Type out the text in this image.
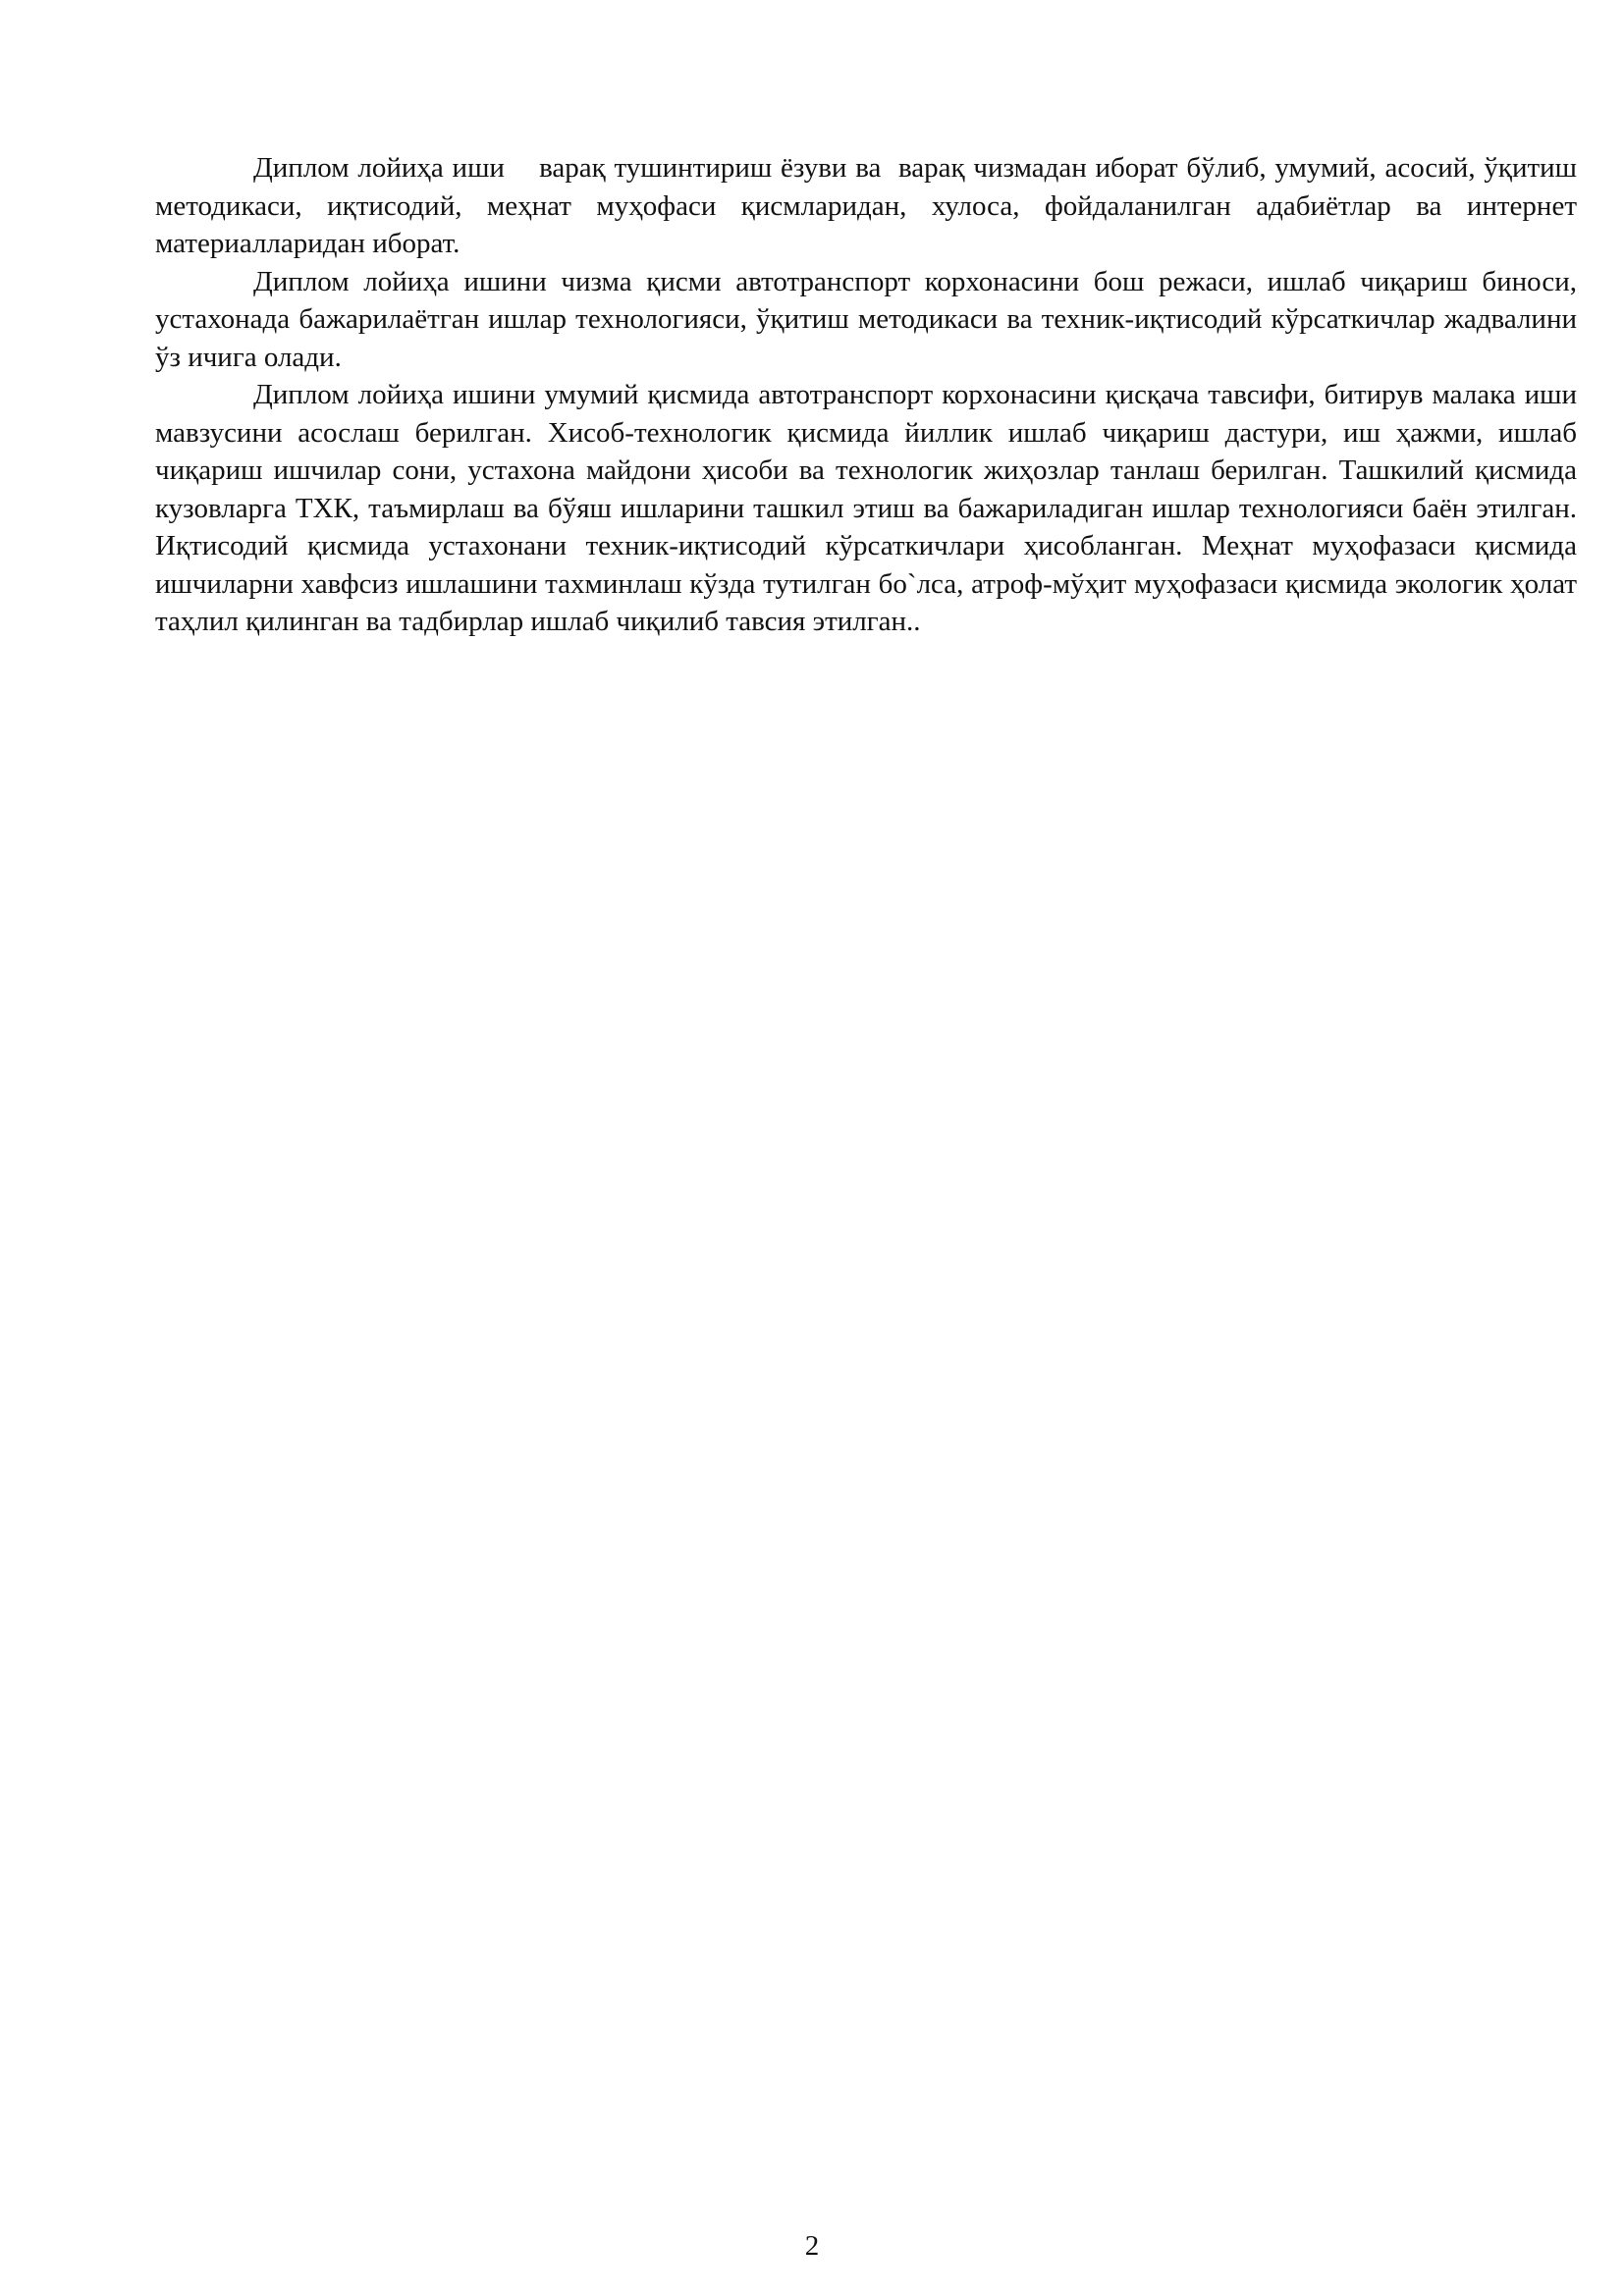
Диплом лойиҳа иши    варақ тушинтириш ёзуви ва  варақ чизмадан иборат бўлиб, умумий, асосий, ўқитиш методикаси, иқтисодий, меҳнат муҳофаси қисмларидан, хулоса, фойдаланилган адабиётлар ва интернет материалларидан иборат.

Диплом лойиҳа ишини чизма қисми автотранспорт корхонасини бош режаси, ишлаб чиқариш биноси, устахонада бажарилаётган ишлар технологияси, ўқитиш методикаси ва техник-иқтисодий кўрсаткичлар жадвалини ўз ичига олади.

Диплом лойиҳа ишини умумий қисмида автотранспорт корхонасини қисқача тавсифи, битирув малака иши мавзусини асослаш берилган. Хисоб-технологик қисмида йиллик ишлаб чиқариш дастури, иш ҳажми, ишлаб чиқариш ишчилар сони, устахона майдони ҳисоби ва технологик жиҳозлар танлаш берилган. Ташкилий қисмида кузовларга ТХК, таъмирлаш ва бўяш ишларини ташкил этиш ва бажариладиган ишлар технологияси баён этилган. Иқтисодий қисмида устахонани техник-иқтисодий кўрсаткичлари ҳисобланган. Меҳнат муҳофазаси қисмида ишчиларни хавфсиз ишлашини тахминлаш кўзда тутилган бо`лса, атроф-мўҳит муҳофазаси қисмида экологик ҳолат таҳлил қилинган ва тадбирлар ишлаб чиқилиб тавсия этилган..

2
